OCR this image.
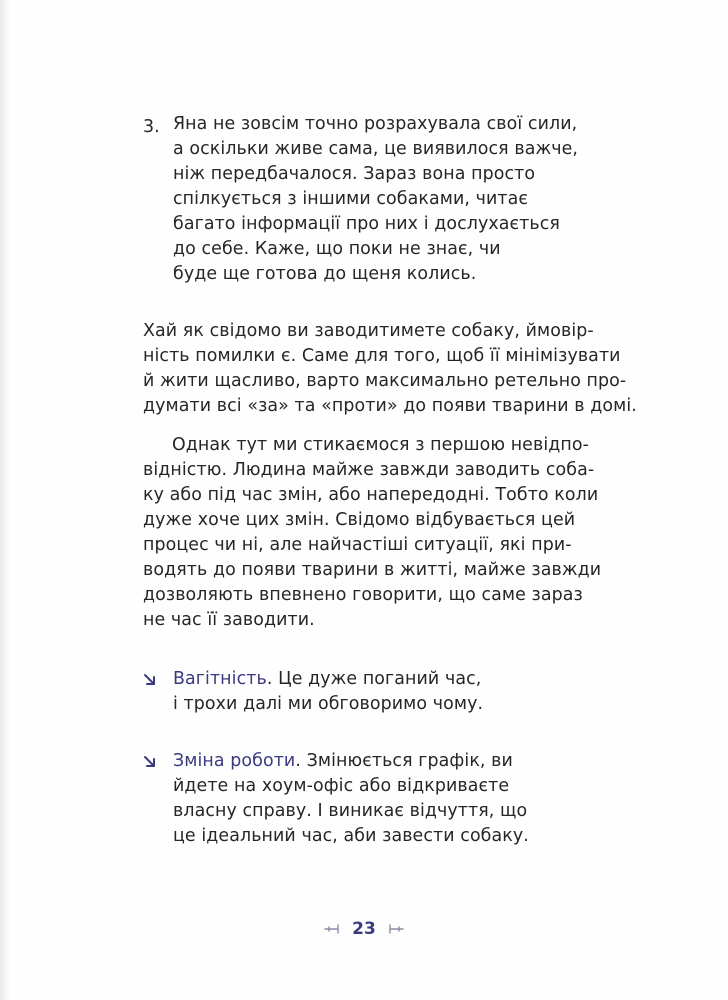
3. Яна не зовсім точно розрахувала свої сили,
а оскільки живе сама, це виявилося важче,
ніж передбачалося. Зараз вона просто
спілкується з іншими собаками, читає
багато інформації про них і дослухається
до себе. Каже, що поки не знає, чи
буде ще готова до щеня колись.
Хай як свідомо ви заводитимете собаку, ймовір-
ність помилки є. Саме для того, щоб її мінімізувати
й жити щасливо, варто максимально ретельно про-
думати всі «за» та «проти» до появи тварини в домі.
Однак тут ми стикаємося з першою невідпо-
відністю. Людина майже завжди заводить соба-
ку або під час змін, або напередодні. Тобто коли
дуже хоче цих змін. Свідомо відбувається цей
процес чи ні, але найчастіші ситуації, які при-
водять до появи тварини в житті, майже завжди
дозволяють впевнено говорити, що саме зараз
не час її заводити.
Вагітність. Це дуже поганий час,
і трохи далі ми обговоримо чому.
Зміна роботи. Змінюється графік, ви
йдете на хоум-офіс або відкриваєте
власну справу. І виникає відчуття, що
це ідеальний час, аби завести собаку.
23
